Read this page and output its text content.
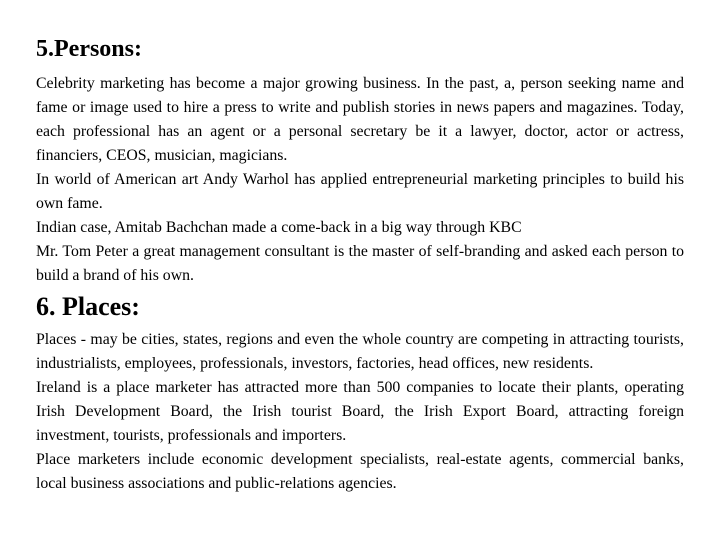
5.Persons:

Celebrity marketing has become a major growing business. In the past, a, person seeking name and fame or image used to hire a press to write and publish stories in news papers and magazines. Today, each professional has an agent or a personal secretary be it a lawyer, doctor, actor or actress, financiers, CEOS, musician, magicians.

In world of American art Andy Warhol has applied entrepreneurial marketing principles to build his own fame.

Indian case, Amitab Bachchan made a come-back in a big way through KBC

Mr. Tom Peter a great management consultant is the master of self-branding and asked each person to build a brand of his own.

6. Places:

Places - may be cities, states, regions and even the whole country are competing in attracting tourists, industrialists, employees, professionals, investors, factories, head offices, new residents.

Ireland is a place marketer has attracted more than 500 companies to locate their plants, operating Irish Development Board, the Irish tourist Board, the Irish Export Board, attracting foreign investment, tourists, professionals and importers.

Place marketers include economic development specialists, real-estate agents, commercial banks, local business associations and public-relations agencies.
